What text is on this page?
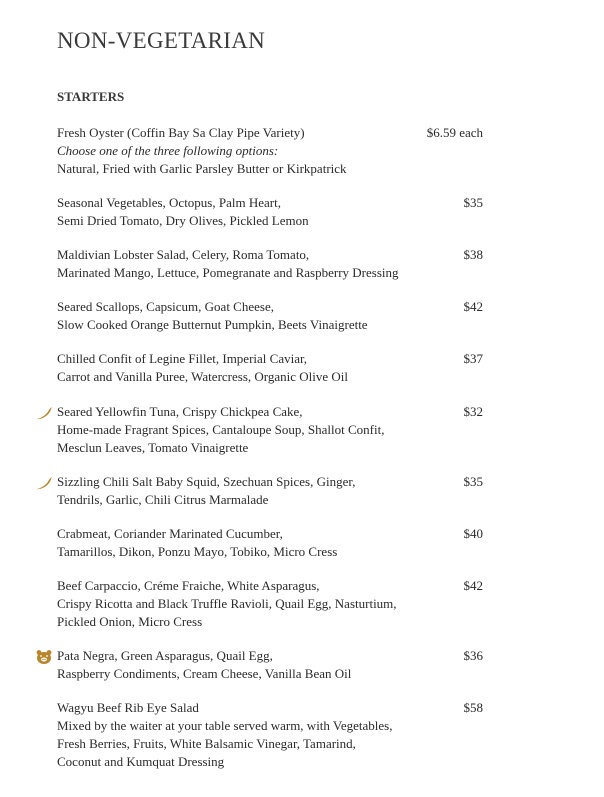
NON-VEGETARIAN
STARTERS
Fresh Oyster (Coffin Bay Sa Clay Pipe Variety)
Choose one of the three following options:
Natural, Fried with Garlic Parsley Butter or Kirkpatrick
$6.59 each
Seasonal Vegetables, Octopus, Palm Heart,
Semi Dried Tomato, Dry Olives, Pickled Lemon
$35
Maldivian Lobster Salad, Celery, Roma Tomato,
Marinated Mango, Lettuce, Pomegranate and Raspberry Dressing
$38
Seared Scallops, Capsicum, Goat Cheese,
Slow Cooked Orange Butternut Pumpkin, Beets Vinaigrette
$42
Chilled Confit of Legine Fillet, Imperial Caviar,
Carrot and Vanilla Puree, Watercress, Organic Olive Oil
$37
Seared Yellowfin Tuna, Crispy Chickpea Cake,
Home-made Fragrant Spices, Cantaloupe Soup, Shallot Confit,
Mesclun Leaves, Tomato Vinaigrette
$32
Sizzling Chili Salt Baby Squid, Szechuan Spices, Ginger,
Tendrils, Garlic, Chili Citrus Marmalade
$35
Crabmeat, Coriander Marinated Cucumber,
Tamarillos, Dikon, Ponzu Mayo, Tobiko, Micro Cress
$40
Beef Carpaccio, Créme Fraiche, White Asparagus,
Crispy Ricotta and Black Truffle Ravioli, Quail Egg, Nasturtium,
Pickled Onion, Micro Cress
$42
Pata Negra, Green Asparagus, Quail Egg,
Raspberry Condiments, Cream Cheese, Vanilla Bean Oil
$36
Wagyu Beef Rib Eye Salad
Mixed by the waiter at your table served warm, with Vegetables,
Fresh Berries, Fruits, White Balsamic Vinegar, Tamarind,
Coconut and Kumquat Dressing
$58
